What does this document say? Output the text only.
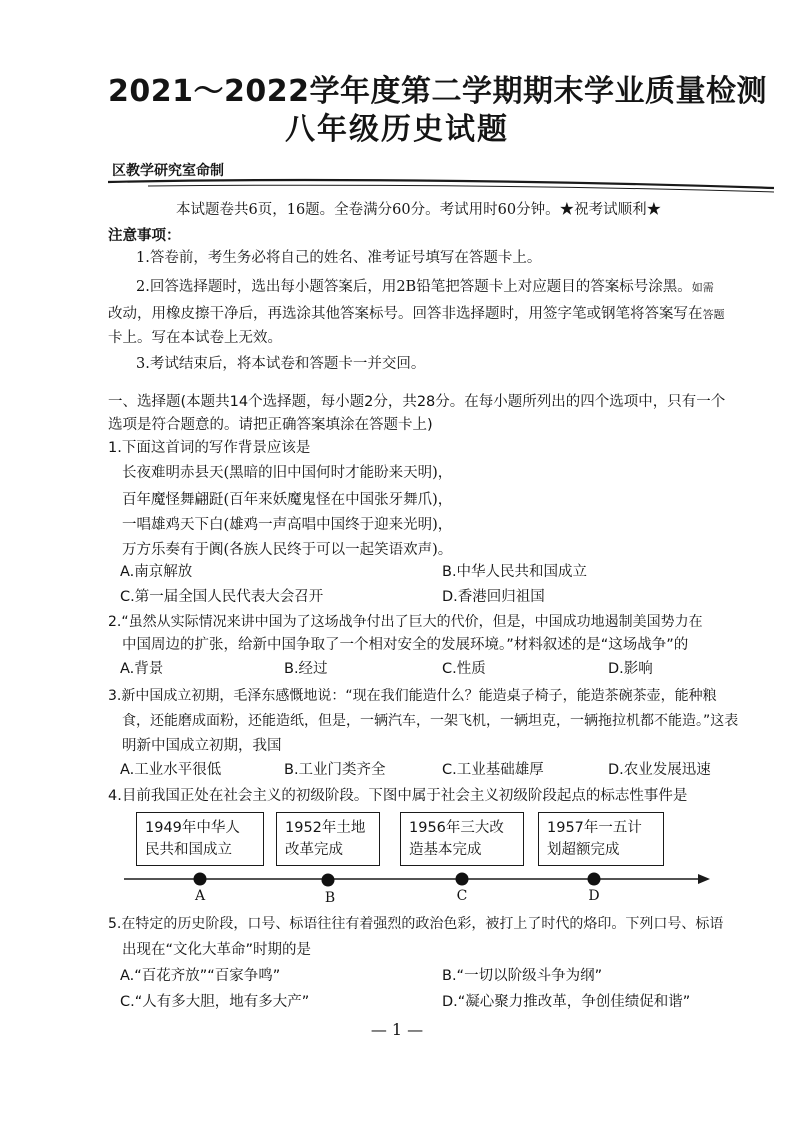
2021～2022学年度第二学期期末学业质量检测
八年级历史试题
区教学研究室命制
本试题卷共6页，16题。全卷满分60分。考试用时60分钟。★祝考试顺利★
注意事项：
1.答卷前，考生务必将自己的姓名、准考证号填写在答题卡上。
2.回答选择题时，选出每小题答案后，用2B铅笔把答题卡上对应题目的答案标号涂黑。如需
改动，用橡皮擦干净后，再选涂其他答案标号。回答非选择题时，用签字笔或钢笔将答案写在答题
卡上。写在本试卷上无效。
3.考试结束后，将本试卷和答题卡一并交回。
一、选择题(本题共14个选择题，每小题2分，共28分。在每小题所列出的四个选项中，只有一个
选项是符合题意的。请把正确答案填涂在答题卡上)
1.下面这首词的写作背景应该是
长夜难明赤县天(黑暗的旧中国何时才能盼来天明)，
百年魔怪舞翩跹(百年来妖魔鬼怪在中国张牙舞爪)，
一唱雄鸡天下白(雄鸡一声高唱中国终于迎来光明)，
万方乐奏有于阗(各族人民终于可以一起笑语欢声)。
A.南京解放	B.中华人民共和国成立
C.第一届全国人民代表大会召开	D.香港回归祖国
2.“虽然从实际情况来讲中国为了这场战争付出了巨大的代价，但是，中国成功地遏制美国势力在
中国周边的扩张，给新中国争取了一个相对安全的发展环境。”材料叙述的是“这场战争”的
A.背景	B.经过	C.性质	D.影响
3.新中国成立初期，毛泽东感慨地说：“现在我们能造什么？能造桌子椅子，能造茶碗茶壶，能种粮
食，还能磨成面粉，还能造纸，但是，一辆汽车，一架飞机，一辆坦克，一辆拖拉机都不能造。”这表
明新中国成立初期，我国
A.工业水平很低	B.工业门类齐全	C.工业基础雄厚	D.农业发展迅速
4.目前我国正处在社会主义的初级阶段。下图中属于社会主义初级阶段起点的标志性事件是
1949年中华人
民共和国成立
1952年土地
改革完成
1956年三大改
造基本完成
1957年一五计
划超额完成
A	B	C	D
5.在特定的历史阶段，口号、标语往往有着强烈的政治色彩，被打上了时代的烙印。下列口号、标语
出现在“文化大革命”时期的是
A.“百花齐放”“百家争鸣”	B.“一切以阶级斗争为纲”
C.“人有多大胆，地有多大产”	D.“凝心聚力推改革，争创佳绩促和谐”
— 1 —
